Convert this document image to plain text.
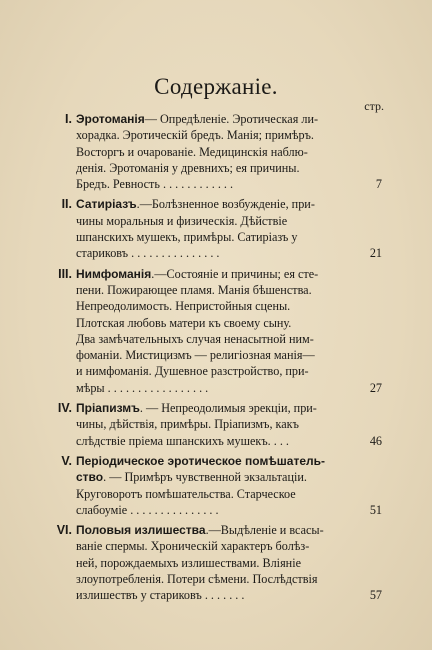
Содержаніе.
стр.
I. Эротоманія— Опредѣленіе. Эротическая ли-
хорадка. Эротическій бредъ. Манія; примѣръ.
Восторгъ и очарованіе. Медицинскія наблю-
денія. Эротоманія у древнихъ; ея причины.
Бредъ. Ревность . . . . . . . . . . . .	7
II. Сатиріазъ.—Болѣзненное возбужденіе, при-
чины моральныя и физическія. Дѣйствіе
шпанскихъ мушекъ, примѣры. Сатиріазъ у
стариковъ . . . . . . . . . . . . . . .	21
III. Нимфоманія.—Состояніе и причины; ея сте-
пени. Пожирающее пламя. Манія бѣшенства.
Непреодолимость. Непристойныя сцены.
Плотская любовь матери къ своему сыну.
Два замѣчательныхъ случая ненасытной ним-
фоманіи. Мистицизмъ — религіозная манія—
и нимфоманія. Душевное разстройство, при-
мѣры . . . . . . . . . . . . . . . . .	27
IV. Пріапизмъ. — Непреодолимыя эрекціи, при-
чины, дѣйствія, примѣры. Пріапизмъ, какъ
слѣдствіе пріема шпанскихъ мушекъ. . . .	46
V. Періодическое эротическое помѣшатель-
ство. — Примѣръ чувственной экзальтаціи.
Круговоротъ помѣшательства. Старческое
слабоуміе . . . . . . . . . . . . . . .	51
VI. Половыя излишества.—Выдѣленіе и всасы-
ваніе спермы. Хроническій характеръ болѣз-
ней, порождаемыхъ излишествами. Вліяніе
злоупотребленія. Потери сѣмени. Послѣдствія
излишествъ у стариковъ . . . . . . .	57
